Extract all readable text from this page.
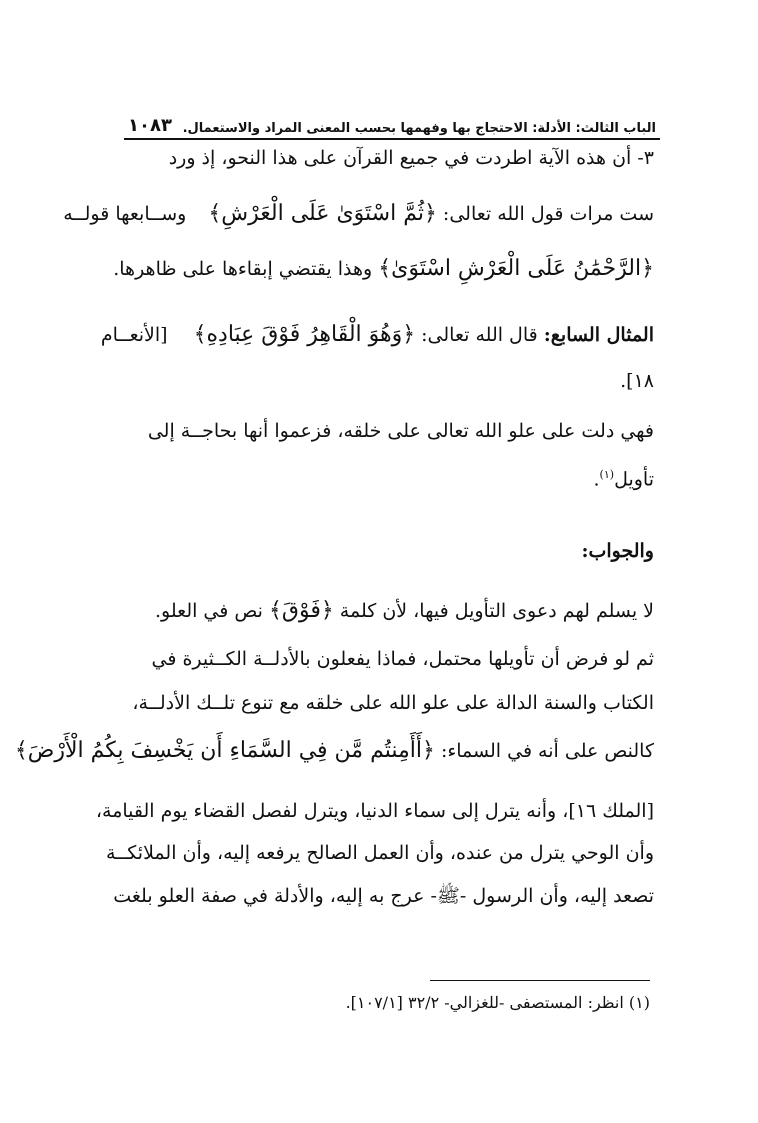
الباب الثالث: الأدلة: الاحتجاج بها وفهمها بحسب المعنى المراد والاستعمال.
١٠٨٣
٣- أن هذه الآية اطردت في جميع القرآن على هذا النحو، إذ ورد
ست مرات قول الله تعالى: ﴿ثُمَّ اسْتَوَىٰ عَلَى الْعَرْشِ﴾ وســابعها قولــه
﴿الرَّحْمَٰنُ عَلَى الْعَرْشِ اسْتَوَىٰ﴾ وهذا يقتضي إبقاءها على ظاهرها.
المثال السابع: قال الله تعالى: ﴿وَهُوَ الْقَاهِرُ فَوْقَ عِبَادِهِ﴾ [الأنعــام
١٨].
فهي دلت على علو الله تعالى على خلقه، فزعموا أنها بحاجــة إلى
تأويل$^{(١)}$.
والجواب:
لا يسلم لهم دعوى التأويل فيها، لأن كلمة ﴿فَوْقَ﴾ نص في العلو.
ثم لو فرض أن تأويلها محتمل، فماذا يفعلون بالأدلــة الكــثيرة في
الكتاب والسنة الدالة على علو الله على خلقه مع تنوع تلــك الأدلــة،
كالنص على أنه في السماء: ﴿أَأَمِنتُم مَّن فِي السَّمَاءِ أَن يَخْسِفَ بِكُمُ الْأَرْضَ﴾
[الملك ١٦]، وأنه يترل إلى سماء الدنيا، ويترل لفصل القضاء يوم القيامة،
وأن الوحي يترل من عنده، وأن العمل الصالح يرفعه إليه، وأن الملائكــة
تصعد إليه، وأن الرسول -ﷺ- عرج به إليه، والأدلة في صفة العلو بلغت
(١) انظر: المستصفى -للغزالي- ٣٢/٢ [١٠٧/١].
